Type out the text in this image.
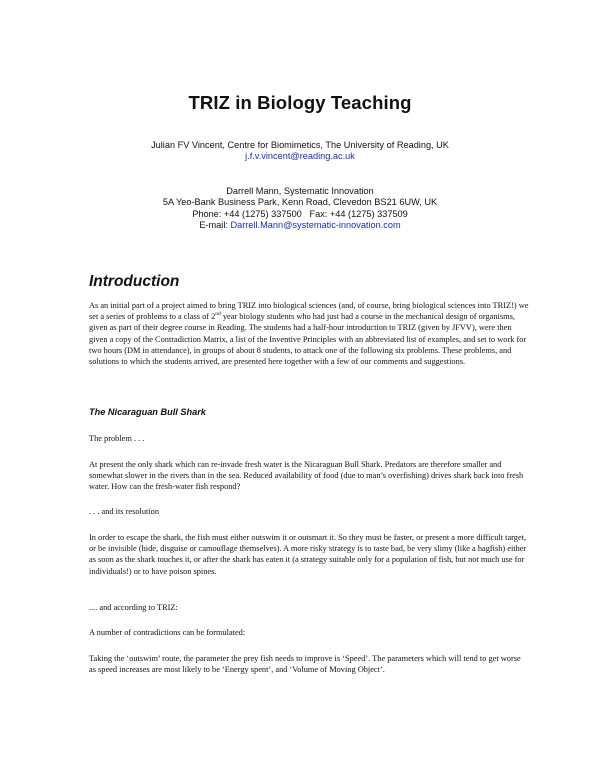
TRIZ in Biology Teaching
Julian FV Vincent, Centre for Biomimetics, The University of Reading, UK
j.f.v.vincent@reading.ac.uk
Darrell Mann, Systematic Innovation
5A Yeo-Bank Business Park, Kenn Road, Clevedon BS21 6UW, UK
Phone: +44 (1275) 337500   Fax: +44 (1275) 337509
E-mail: Darrell.Mann@systematic-innovation.com
Introduction

As an initial part of a project aimed to bring TRIZ into biological sciences (and, of course, bring biological sciences into TRIZ!) we set a series of problems to a class of 2nd year biology students who had just had a course in the mechanical design of organisms, given as part of their degree course in Reading. The students had a half-hour introduction to TRIZ (given by JFVV), were then given a copy of the Contradiction Matrix, a list of the Inventive Principles with an abbreviated list of examples, and set to work for two hours (DM in attendance), in groups of about 8 students, to attack one of the following six problems. These problems, and solutions to which the students arrived, are presented here together with a few of our comments and suggestions.

The Nicaraguan Bull Shark

The problem . . .

At present the only shark which can re-invade fresh water is the Nicaraguan Bull Shark. Predators are therefore smaller and somewhat slower in the rivers than in the sea. Reduced availability of food (due to man’s overfishing) drives shark back into fresh water. How can the fresh-water fish respond?

. . . and its resolution

In order to escape the shark, the fish must either outswim it or outsmart it. So they must be faster, or present a more difficult target, or be invisible (hide, disguise or camouflage themselves). A more risky strategy is to taste bad, be very slimy (like a hagfish) either as soon as the shark touches it, or after the shark has eaten it (a strategy suitable only for a population of fish, but not much use for individuals!) or to have poison spines.

.... and according to TRIZ:

A number of contradictions can be formulated:

Taking the ‘outswim’ route, the parameter the prey fish needs to improve is ‘Speed’. The parameters which will tend to get worse as speed increases are most likely to be ‘Energy spent’, and ‘Volume of Moving Object’.
